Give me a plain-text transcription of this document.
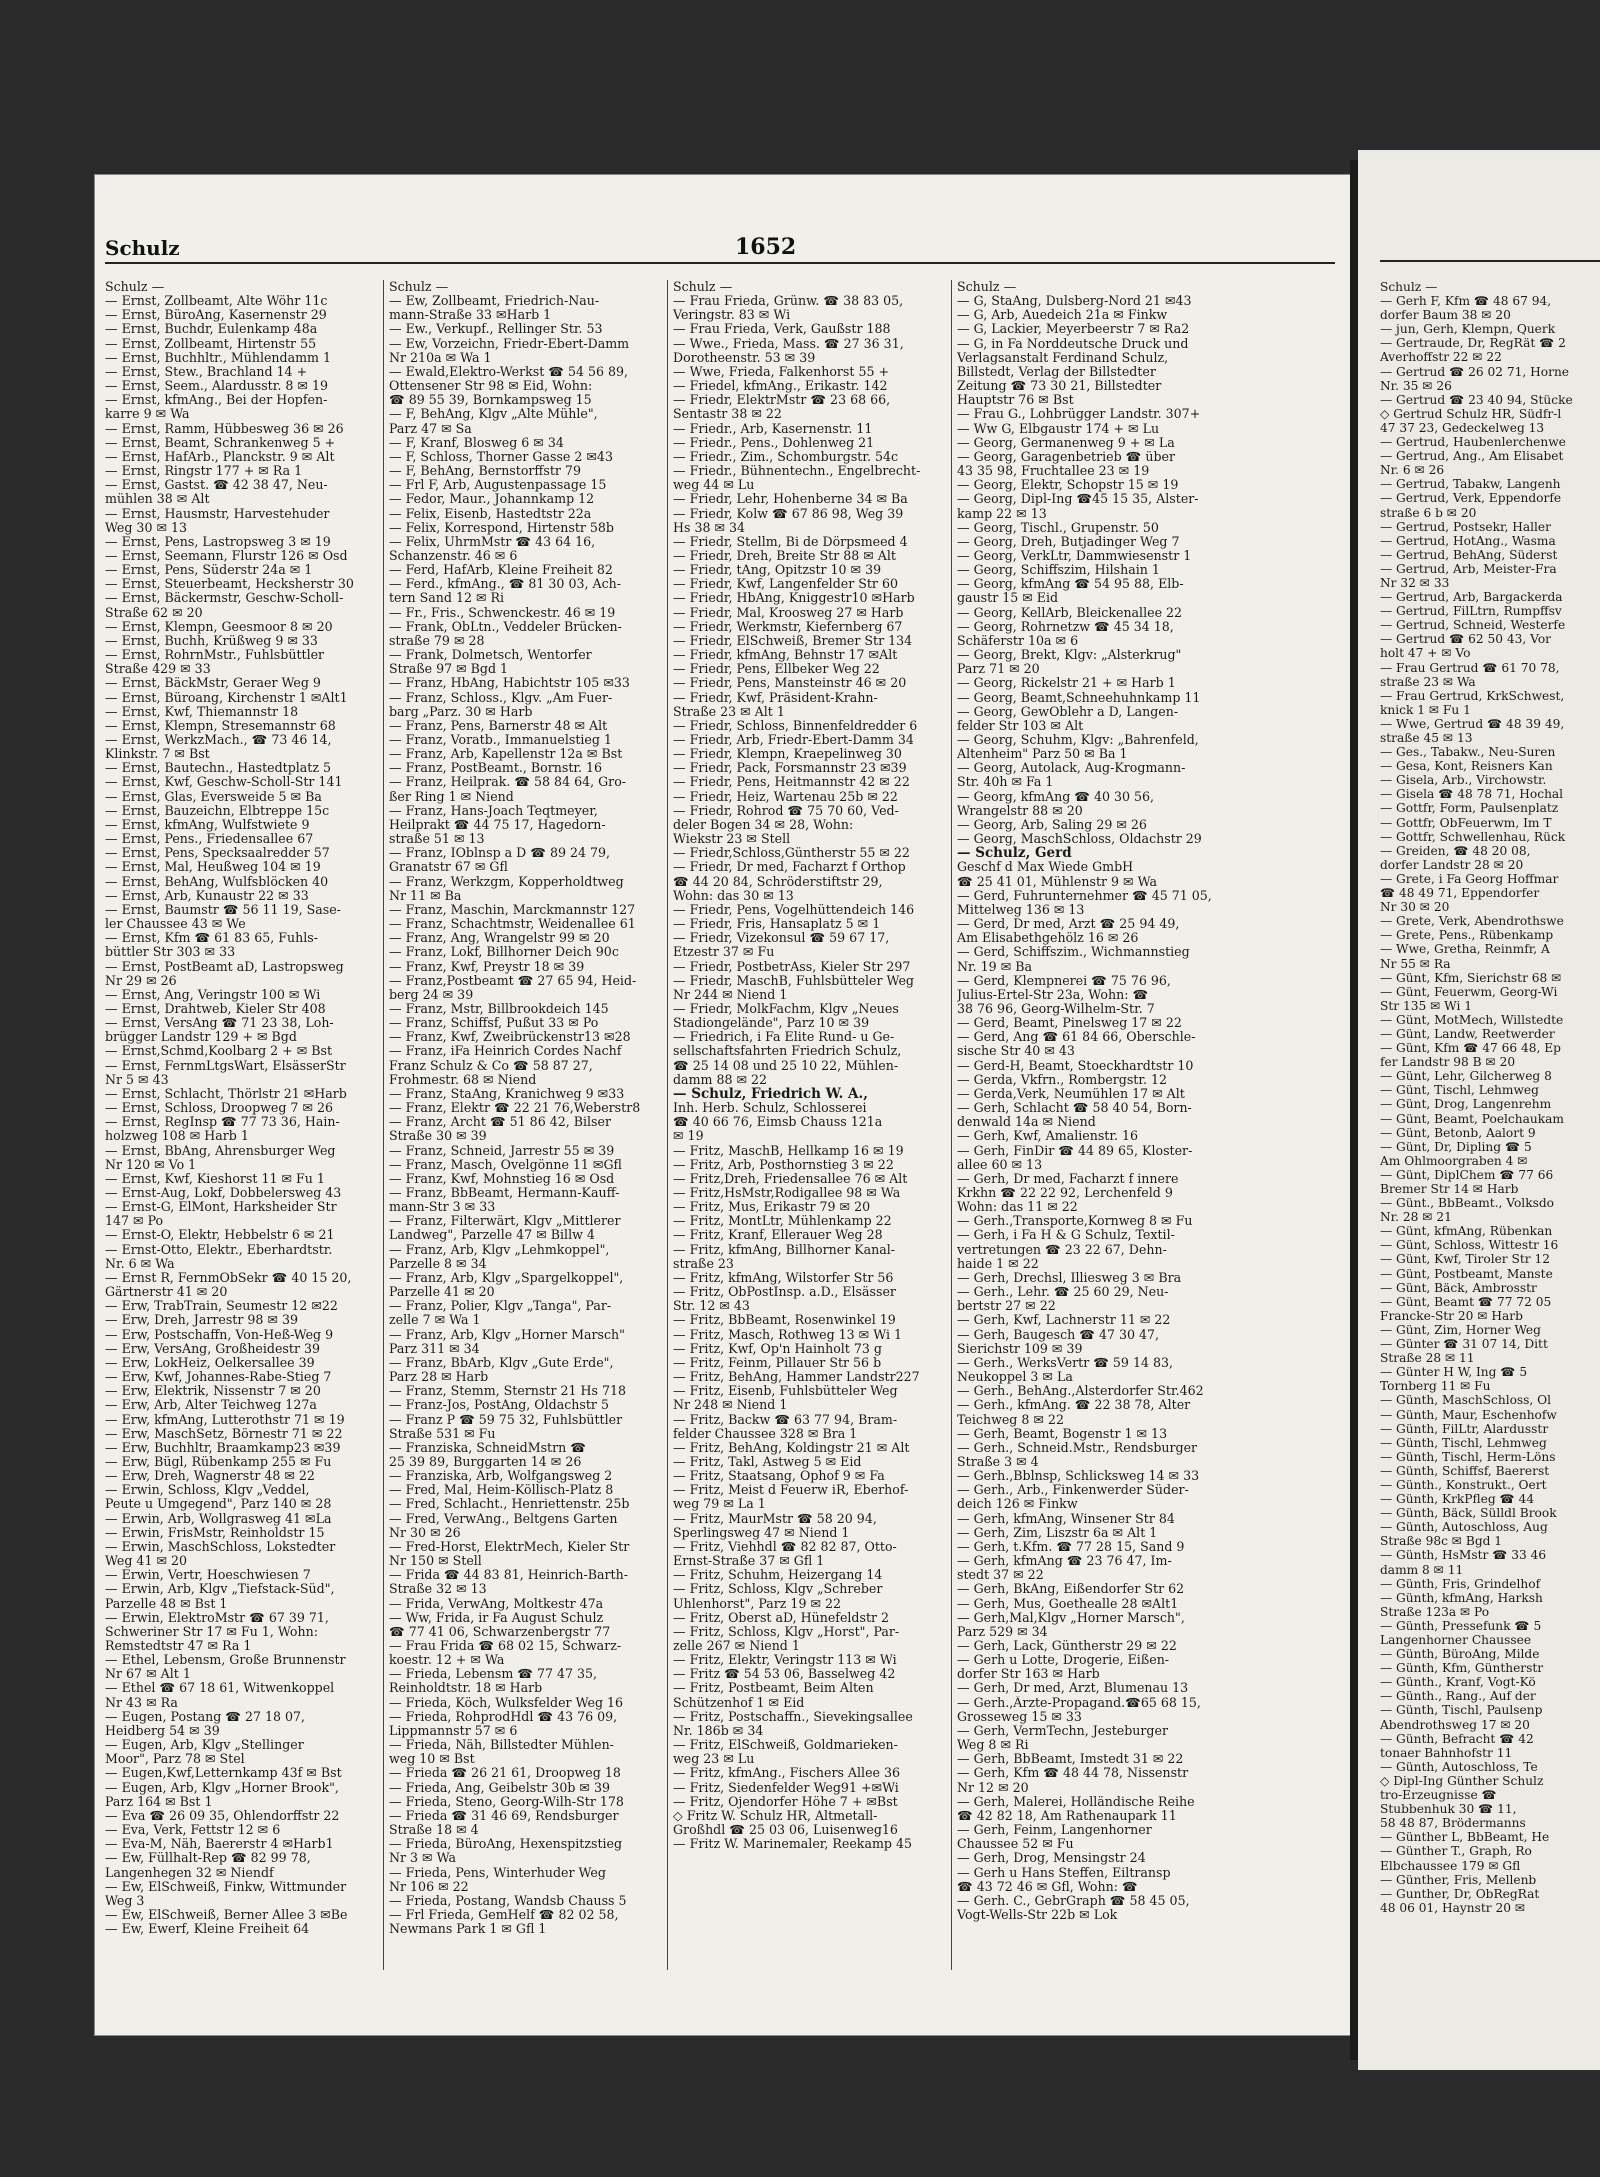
Schulz	1652
Schulz —
— Ernst, Zollbeamt, Alte Wöhr 11c
— Ernst, BüroAng, Kasernenstr 29
— Ernst, Buchdr, Eulenkamp 48a
— Ernst, Zollbeamt, Hirtenstr 55
— Ernst, Buchhltr., Mühlendamm 1
— Ernst, Stew., Brachland 14 +
— Ernst, Seem., Alardusstr. 8 ✉ 19
— Ernst, kfmAng., Bei der Hopfen-
karre 9 ✉ Wa
— Ernst, Ramm, Hübbesweg 36 ✉ 26
— Ernst, Beamt, Schrankenweg 5 +
— Ernst, HafArb., Planckstr. 9 ✉ Alt
— Ernst, Ringstr 177 + ✉ Ra 1
— Ernst, Gastst. ☎ 42 38 47, Neu-
mühlen 38 ✉ Alt
— Ernst, Hausmstr, Harvestehuder
Weg 30 ✉ 13
— Ernst, Pens, Lastropsweg 3 ✉ 19
— Ernst, Seemann, Flurstr 126 ✉ Osd
— Ernst, Pens, Süderstr 24a ✉ 1
— Ernst, Steuerbeamt, Hecksherstr 30
— Ernst, Bäckermstr, Geschw-Scholl-
Straße 62 ✉ 20
— Ernst, Klempn, Geesmoor 8 ✉ 20
— Ernst, Buchh, Krüßweg 9 ✉ 33
— Ernst, RohrnMstr., Fuhlsbüttler
Straße 429 ✉ 33
— Ernst, BäckMstr, Geraer Weg 9
— Ernst, Büroang, Kirchenstr 1 ✉Alt1
— Ernst, Kwf, Thiemannstr 18
— Ernst, Klempn, Stresemannstr 68
— Ernst, WerkzMach., ☎ 73 46 14,
Klinkstr. 7 ✉ Bst
— Ernst, Bautechn., Hastedtplatz 5
— Ernst, Kwf, Geschw-Scholl-Str 141
— Ernst, Glas, Eversweide 5 ✉ Ba
— Ernst, Bauzeichn, Elbtreppe 15c
— Ernst, kfmAng, Wulfstwiete 9
— Ernst, Pens., Friedensallee 67
— Ernst, Pens, Specksaalredder 57
— Ernst, Mal, Heußweg 104 ✉ 19
— Ernst, BehAng, Wulfsblöcken 40
— Ernst, Arb, Kunaustr 22 ✉ 33
— Ernst, Baumstr ☎ 56 11 19, Sase-
ler Chaussee 43 ✉ We
— Ernst, Kfm ☎ 61 83 65, Fuhls-
büttler Str 303 ✉ 33
— Ernst, PostBeamt aD, Lastropsweg
Nr 29 ✉ 26
— Ernst, Ang, Veringstr 100 ✉ Wi
— Ernst, Drahtweb, Kieler Str 408
— Ernst, VersAng ☎ 71 23 38, Loh-
brügger Landstr 129 + ✉ Bgd
— Ernst,Schmd,Koolbarg 2 + ✉ Bst
— Ernst, FernmLtgsWart, ElsässerStr
Nr 5 ✉ 43
— Ernst, Schlacht, Thörlstr 21 ✉Harb
— Ernst, Schloss, Droopweg 7 ✉ 26
— Ernst, RegInsp ☎ 77 73 36, Hain-
holzweg 108 ✉ Harb 1
— Ernst, BbAng, Ahrensburger Weg
Nr 120 ✉ Vo 1
— Ernst, Kwf, Kieshorst 11 ✉ Fu 1
— Ernst-Aug, Lokf, Dobbelersweg 43
— Ernst-G, ElMont, Harksheider Str
147 ✉ Po
— Ernst-O, Elektr, Hebbelstr 6 ✉ 21
— Ernst-Otto, Elektr., Eberhardtstr.
Nr. 6 ✉ Wa
— Ernst R, FernmObSekr ☎ 40 15 20,
Gärtnerstr 41 ✉ 20
— Erw, TrabTrain, Seumestr 12 ✉22
— Erw, Dreh, Jarrestr 98 ✉ 39
— Erw, Postschaffn, Von-Heß-Weg 9
— Erw, VersAng, Großheidestr 39
— Erw, LokHeiz, Oelkersallee 39
— Erw, Kwf, Johannes-Rabe-Stieg 7
— Erw, Elektrik, Nissenstr 7 ✉ 20
— Erw, Arb, Alter Teichweg 127a
— Erw, kfmAng, Lutterothstr 71 ✉ 19
— Erw, MaschSetz, Börnestr 71 ✉ 22
— Erw, Buchhltr, Braamkamp23 ✉39
— Erw, Bügl, Rübenkamp 255 ✉ Fu
— Erw, Dreh, Wagnerstr 48 ✉ 22
— Erwin, Schloss, Klgv „Veddel,
Peute u Umgegend", Parz 140 ✉ 28
— Erwin, Arb, Wollgrasweg 41 ✉La
— Erwin, FrisMstr, Reinholdstr 15
— Erwin, MaschSchloss, Lokstedter
Weg 41 ✉ 20
— Erwin, Vertr, Hoeschwiesen 7
— Erwin, Arb, Klgv „Tiefstack-Süd",
Parzelle 48 ✉ Bst 1
— Erwin, ElektroMstr ☎ 67 39 71,
Schweriner Str 17 ✉ Fu 1, Wohn:
Remstedtstr 47 ✉ Ra 1
— Ethel, Lebensm, Große Brunnenstr
Nr 67 ✉ Alt 1
— Ethel ☎ 67 18 61, Witwenkoppel
Nr 43 ✉ Ra
— Eugen, Postang ☎ 27 18 07,
Heidberg 54 ✉ 39
— Eugen, Arb, Klgv „Stellinger
Moor", Parz 78 ✉ Stel
— Eugen,Kwf,Letternkamp 43f ✉ Bst
— Eugen, Arb, Klgv „Horner Brook",
Parz 164 ✉ Bst 1
— Eva ☎ 26 09 35, Ohlendorffstr 22
— Eva, Verk, Fettstr 12 ✉ 6
— Eva-M, Näh, Baererstr 4 ✉Harb1
— Ew, Füllhalt-Rep ☎ 82 99 78,
Langenhegen 32 ✉ Niendf
— Ew, ElSchweiß, Finkw, Wittmunder
Weg 3
— Ew, ElSchweiß, Berner Allee 3 ✉Be
— Ew, Ewerf, Kleine Freiheit 64
Schulz —
— Ew, Zollbeamt, Friedrich-Nau-
mann-Straße 33 ✉Harb 1
— Ew., Verkupf., Rellinger Str. 53
— Ew, Vorzeichn, Friedr-Ebert-Damm
Nr 210a ✉ Wa 1
— Ewald,Elektro-Werkst ☎ 54 56 89,
Ottensener Str 98 ✉ Eid, Wohn:
☎ 89 55 39, Bornkampsweg 15
— F, BehAng, Klgv „Alte Mühle",
Parz 47 ✉ Sa
— F, Kranf, Blosweg 6 ✉ 34
— F, Schloss, Thorner Gasse 2 ✉43
— F, BehAng, Bernstorffstr 79
— Frl F, Arb, Augustenpassage 15
— Fedor, Maur., Johannkamp 12
— Felix, Eisenb, Hastedtstr 22a
— Felix, Korrespond, Hirtenstr 58b
— Felix, UhrmMstr ☎ 43 64 16,
Schanzenstr. 46 ✉ 6
— Ferd, HafArb, Kleine Freiheit 82
— Ferd., kfmAng., ☎ 81 30 03, Ach-
tern Sand 12 ✉ Ri
— Fr., Fris., Schwenckestr. 46 ✉ 19
— Frank, ObLtn., Veddeler Brücken-
straße 79 ✉ 28
— Frank, Dolmetsch, Wentorfer
Straße 97 ✉ Bgd 1
— Franz, HbAng, Habichtstr 105 ✉33
— Franz, Schloss., Klgv. „Am Fuer-
barg „Parz. 30 ✉ Harb
— Franz, Pens, Barnerstr 48 ✉ Alt
— Franz, Voratb., Immanuelstieg 1
— Franz, Arb, Kapellenstr 12a ✉ Bst
— Franz, PostBeamt., Bornstr. 16
— Franz, Heilprak. ☎ 58 84 64, Gro-
ßer Ring 1 ✉ Niend
— Franz, Hans-Joach Teqtmeyer,
Heilprakt ☎ 44 75 17, Hagedorn-
straße 51 ✉ 13
— Franz, IOblnsp a D ☎ 89 24 79,
Granatstr 67 ✉ Gfl
— Franz, Werkzgm, Kopperholdtweg
Nr 11 ✉ Ba
— Franz, Maschin, Marckmannstr 127
— Franz, Schachtmstr, Weidenallee 61
— Franz, Ang, Wrangelstr 99 ✉ 20
— Franz, Lokf, Billhorner Deich 90c
— Franz, Kwf, Preystr 18 ✉ 39
— Franz,Postbeamt ☎ 27 65 94, Heid-
berg 24 ✉ 39
— Franz, Mstr, Billbrookdeich 145
— Franz, Schiffsf, Pußut 33 ✉ Po
— Franz, Kwf, Zweibrückenstr13 ✉28
— Franz, iFa Heinrich Cordes Nachf
Franz Schulz & Co ☎ 58 87 27,
Frohmestr. 68 ✉ Niend
— Franz, StaAng, Kranichweg 9 ✉33
— Franz, Elektr ☎ 22 21 76,Weberstr8
— Franz, Archt ☎ 51 86 42, Bilser
Straße 30 ✉ 39
— Franz, Schneid, Jarrestr 55 ✉ 39
— Franz, Masch, Övelgönne 11 ✉Gfl
— Franz, Kwf, Mohnstieg 16 ✉ Osd
— Franz, BbBeamt, Hermann-Kauff-
mann-Str 3 ✉ 33
— Franz, Filterwärt, Klgv „Mittlerer
Landweg", Parzelle 47 ✉ Billw 4
— Franz, Arb, Klgv „Lehmkoppel",
Parzelle 8 ✉ 34
— Franz, Arb, Klgv „Spargelkoppel",
Parzelle 41 ✉ 20
— Franz, Polier, Klgv „Tanga", Par-
zelle 7 ✉ Wa 1
— Franz, Arb, Klgv „Horner Marsch"
Parz 311 ✉ 34
— Franz, BbArb, Klgv „Gute Erde",
Parz 28 ✉ Harb
— Franz, Stemm, Sternstr 21 Hs 718
— Franz-Jos, PostAng, Oldachstr 5
— Franz P ☎ 59 75 32, Fuhlsbüttler
Straße 531 ✉ Fu
— Franziska, SchneidMstrn ☎
25 39 89, Burggarten 14 ✉ 26
— Franziska, Arb, Wolfgangsweg 2
— Fred, Mal, Heim-Köllisch-Platz 8
— Fred, Schlacht., Henriettenstr. 25b
— Fred, VerwAng., Beltgens Garten
Nr 30 ✉ 26
— Fred-Horst, ElektrMech, Kieler Str
Nr 150 ✉ Stell
— Frida ☎ 44 83 81, Heinrich-Barth-
Straße 32 ✉ 13
— Frida, VerwAng, Moltkestr 47a
— Ww, Frida, ir Fa August Schulz
☎ 77 41 06, Schwarzenbergstr 77
— Frau Frida ☎ 68 02 15, Schwarz-
koestr. 12 + ✉ Wa
— Frieda, Lebensm ☎ 77 47 35,
Reinholdtstr. 18 ✉ Harb
— Frieda, Köch, Wulksfelder Weg 16
— Frieda, RohprodHdl ☎ 43 76 09,
Lippmannstr 57 ✉ 6
— Frieda, Näh, Billstedter Mühlen-
weg 10 ✉ Bst
— Frieda ☎ 26 21 61, Droopweg 18
— Frieda, Ang, Geibelstr 30b ✉ 39
— Frieda, Steno, Georg-Wilh-Str 178
— Frieda ☎ 31 46 69, Rendsburger
Straße 18 ✉ 4
— Frieda, BüroAng, Hexenspitzstieg
Nr 3 ✉ Wa
— Frieda, Pens, Winterhuder Weg
Nr 106 ✉ 22
— Frieda, Postang, Wandsb Chauss 5
— Frl Frieda, GemHelf ☎ 82 02 58,
Newmans Park 1 ✉ Gfl 1
Schulz —
— Frau Frieda, Grünw. ☎ 38 83 05,
Veringstr. 83 ✉ Wi
— Frau Frieda, Verk, Gaußstr 188
— Wwe., Frieda, Mass. ☎ 27 36 31,
Dorotheenstr. 53 ✉ 39
— Wwe, Frieda, Falkenhorst 55 +
— Friedel, kfmAng., Erikastr. 142
— Friedr, ElektrMstr ☎ 23 68 66,
Sentastr 38 ✉ 22
— Friedr., Arb, Kasernenstr. 11
— Friedr., Pens., Dohlenweg 21
— Friedr., Zim., Schomburgstr. 54c
— Friedr., Bühnentechn., Engelbrecht-
weg 44 ✉ Lu
— Friedr, Lehr, Hohenberne 34 ✉ Ba
— Friedr, Kolw ☎ 67 86 98, Weg 39
Hs 38 ✉ 34
— Friedr, Stellm, Bi de Dörpsmeed 4
— Friedr, Dreh, Breite Str 88 ✉ Alt
— Friedr, tAng, Opitzstr 10 ✉ 39
— Friedr, Kwf, Langenfelder Str 60
— Friedr, HbAng, Kniggestr10 ✉Harb
— Friedr, Mal, Kroosweg 27 ✉ Harb
— Friedr, Werkmstr, Kiefernberg 67
— Friedr, ElSchweiß, Bremer Str 134
— Friedr, kfmAng, Behnstr 17 ✉Alt
— Friedr, Pens, Ellbeker Weg 22
— Friedr, Pens, Mansteinstr 46 ✉ 20
— Friedr, Kwf, Präsident-Krahn-
Straße 23 ✉ Alt 1
— Friedr, Schloss, Binnenfeldredder 6
— Friedr, Arb, Friedr-Ebert-Damm 34
— Friedr, Klempn, Kraepelinweg 30
— Friedr, Pack, Forsmannstr 23 ✉39
— Friedr, Pens, Heitmannstr 42 ✉ 22
— Friedr, Heiz, Wartenau 25b ✉ 22
— Friedr, Rohrod ☎ 75 70 60, Ved-
deler Bogen 34 ✉ 28, Wohn:
Wiekstr 23 ✉ Stell
— Friedr,Schloss,Güntherstr 55 ✉ 22
— Friedr, Dr med, Facharzt f Orthop
☎ 44 20 84, Schröderstiftstr 29,
Wohn: das 30 ✉ 13
— Friedr, Pens, Vogelhüttendeich 146
— Friedr, Fris, Hansaplatz 5 ✉ 1
— Friedr, Vizekonsul ☎ 59 67 17,
Etzestr 37 ✉ Fu
— Friedr, PostbetrAss, Kieler Str 297
— Friedr, MaschB, Fuhlsbütteler Weg
Nr 244 ✉ Niend 1
— Friedr, MolkFachm, Klgv „Neues
Stadiongelände", Parz 10 ✉ 39
— Friedrich, i Fa Elite Rund- u Ge-
sellschaftsfahrten Friedrich Schulz,
☎ 25 14 08 und 25 10 22, Mühlen-
damm 88 ✉ 22
— Schulz, Friedrich W. A.,
Inh. Herb. Schulz, Schlosserei
☎ 40 66 76, Eimsb Chauss 121a
✉ 19
— Fritz, MaschB, Hellkamp 16 ✉ 19
— Fritz, Arb, Posthornstieg 3 ✉ 22
— Fritz,Dreh, Friedensallee 76 ✉ Alt
— Fritz,HsMstr,Rodigallee 98 ✉ Wa
— Fritz, Mus, Erikastr 79 ✉ 20
— Fritz, MontLtr, Mühlenkamp 22
— Fritz, Kranf, Ellerauer Weg 28
— Fritz, kfmAng, Billhorner Kanal-
straße 23
— Fritz, kfmAng, Wilstorfer Str 56
— Fritz, ObPostInsp. a.D., Elsässer
Str. 12 ✉ 43
— Fritz, BbBeamt, Rosenwinkel 19
— Fritz, Masch, Rothweg 13 ✉ Wi 1
— Fritz, Kwf, Op'n Hainholt 73 g
— Fritz, Feinm, Pillauer Str 56 b
— Fritz, BehAng, Hammer Landstr227
— Fritz, Eisenb, Fuhlsbütteler Weg
Nr 248 ✉ Niend 1
— Fritz, Backw ☎ 63 77 94, Bram-
felder Chaussee 328 ✉ Bra 1
— Fritz, BehAng, Koldingstr 21 ✉ Alt
— Fritz, Takl, Astweg 5 ✉ Eid
— Fritz, Staatsang, Ophof 9 ✉ Fa
— Fritz, Meist d Feuerw iR, Eberhof-
weg 79 ✉ La 1
— Fritz, MaurMstr ☎ 58 20 94,
Sperlingsweg 47 ✉ Niend 1
— Fritz, Viehhdl ☎ 82 82 87, Otto-
Ernst-Straße 37 ✉ Gfl 1
— Fritz, Schuhm, Heizergang 14
— Fritz, Schloss, Klgv „Schreber
Uhlenhorst", Parz 19 ✉ 22
— Fritz, Oberst aD, Hünefeldstr 2
— Fritz, Schloss, Klgv „Horst", Par-
zelle 267 ✉ Niend 1
— Fritz, Elektr, Veringstr 113 ✉ Wi
— Fritz ☎ 54 53 06, Basselweg 42
— Fritz, Postbeamt, Beim Alten
Schützenhof 1 ✉ Eid
— Fritz, Postschaffn., Sievekingsallee
Nr. 186b ✉ 34
— Fritz, ElSchweiß, Goldmarieken-
weg 23 ✉ Lu
— Fritz, kfmAng., Fischers Allee 36
— Fritz, Siedenfelder Weg91 +✉Wi
— Fritz, Ojendorfer Höhe 7 + ✉Bst
◇ Fritz W. Schulz HR, Altmetall-
Großhdl ☎ 25 03 06, Luisenweg16
— Fritz W. Marinemaler, Reekamp 45
Schulz —
— G, StaAng, Dulsberg-Nord 21 ✉43
— G, Arb, Auedeich 21a ✉ Finkw
— G, Lackier, Meyerbeerstr 7 ✉ Ra2
— G, in Fa Norddeutsche Druck und
Verlagsanstalt Ferdinand Schulz,
Billstedt, Verlag der Billstedter
Zeitung ☎ 73 30 21, Billstedter
Hauptstr 76 ✉ Bst
— Frau G., Lohbrügger Landstr. 307+
— Ww G, Elbgaustr 174 + ✉ Lu
— Georg, Germanenweg 9 + ✉ La
— Georg, Garagenbetrieb ☎ über
43 35 98, Fruchtallee 23 ✉ 19
— Georg, Elektr, Schopstr 15 ✉ 19
— Georg, Dipl-Ing ☎45 15 35, Alster-
kamp 22 ✉ 13
— Georg, Tischl., Grupenstr. 50
— Georg, Dreh, Butjadinger Weg 7
— Georg, VerkLtr, Dammwiesenstr 1
— Georg, Schiffszim, Hilshain 1
— Georg, kfmAng ☎ 54 95 88, Elb-
gaustr 15 ✉ Eid
— Georg, KellArb, Bleickenallee 22
— Georg, Rohrnetzw ☎ 45 34 18,
Schäferstr 10a ✉ 6
— Georg, Brekt, Klgv: „Alsterkrug"
Parz 71 ✉ 20
— Georg, Rickelstr 21 + ✉ Harb 1
— Georg, Beamt,Schneehuhnkamp 11
— Georg, GewOblehr a D, Langen-
felder Str 103 ✉ Alt
— Georg, Schuhm, Klgv: „Bahrenfeld,
Altenheim" Parz 50 ✉ Ba 1
— Georg, Autolack, Aug-Krogmann-
Str. 40h ✉ Fa 1
— Georg, kfmAng ☎ 40 30 56,
Wrangelstr 88 ✉ 20
— Georg, Arb, Saling 29 ✉ 26
— Georg, MaschSchloss, Oldachstr 29
— Schulz, Gerd
Geschf d Max Wiede GmbH
☎ 25 41 01, Mühlenstr 9 ✉ Wa
— Gerd, Fuhrunternehmer ☎ 45 71 05,
Mittelweg 136 ✉ 13
— Gerd, Dr med, Arzt ☎ 25 94 49,
Am Elisabethgehölz 16 ✉ 26
— Gerd, Schiffszim., Wichmannstieg
Nr. 19 ✉ Ba
— Gerd, Klempnerei ☎ 75 76 96,
Julius-Ertel-Str 23a, Wohn: ☎
38 76 96, Georg-Wilhelm-Str. 7
— Gerd, Beamt, Pinelsweg 17 ✉ 22
— Gerd, Ang ☎ 61 84 66, Oberschle-
sische Str 40 ✉ 43
— Gerd-H, Beamt, Stoeckhardtstr 10
— Gerda, Vkfrn., Rombergstr. 12
— Gerda,Verk, Neumühlen 17 ✉ Alt
— Gerh, Schlacht ☎ 58 40 54, Born-
denwald 14a ✉ Niend
— Gerh, Kwf, Amalienstr. 16
— Gerh, FinDir ☎ 44 89 65, Kloster-
allee 60 ✉ 13
— Gerh, Dr med, Facharzt f innere
Krkhn ☎ 22 22 92, Lerchenfeld 9
Wohn: das 11 ✉ 22
— Gerh.,Transporte,Kornweg 8 ✉ Fu
— Gerh, i Fa H & G Schulz, Textil-
vertretungen ☎ 23 22 67, Dehn-
haide 1 ✉ 22
— Gerh, Drechsl, Illiesweg 3 ✉ Bra
— Gerh., Lehr. ☎ 25 60 29, Neu-
bertstr 27 ✉ 22
— Gerh, Kwf, Lachnerstr 11 ✉ 22
— Gerh, Baugesch ☎ 47 30 47,
Sierichstr 109 ✉ 39
— Gerh., WerksVertr ☎ 59 14 83,
Neukoppel 3 ✉ La
— Gerh., BehAng.,Alsterdorfer Str.462
— Gerh., kfmAng. ☎ 22 38 78, Alter
Teichweg 8 ✉ 22
— Gerh, Beamt, Bogenstr 1 ✉ 13
— Gerh., Schneid.Mstr., Rendsburger
Straße 3 ✉ 4
— Gerh.,Bblnsp, Schlicksweg 14 ✉ 33
— Gerh., Arb., Finkenwerder Süder-
deich 126 ✉ Finkw
— Gerh, kfmAng, Winsener Str 84
— Gerh, Zim, Liszstr 6a ✉ Alt 1
— Gerh, t.Kfm. ☎ 77 28 15, Sand 9
— Gerh, kfmAng ☎ 23 76 47, Im-
stedt 37 ✉ 22
— Gerh, BkAng, Eißendorfer Str 62
— Gerh, Mus, Goethealle 28 ✉Alt1
— Gerh,Mal,Klgv „Horner Marsch",
Parz 529 ✉ 34
— Gerh, Lack, Güntherstr 29 ✉ 22
— Gerh u Lotte, Drogerie, Eißen-
dorfer Str 163 ✉ Harb
— Gerh, Dr med, Arzt, Blumenau 13
— Gerh.,Ärzte-Propagand.☎65 68 15,
Grosseweg 15 ✉ 33
— Gerh, VermTechn, Jesteburger
Weg 8 ✉ Ri
— Gerh, BbBeamt, Imstedt 31 ✉ 22
— Gerh, Kfm ☎ 48 44 78, Nissenstr
Nr 12 ✉ 20
— Gerh, Malerei, Holländische Reihe
☎ 42 82 18, Am Rathenaupark 11
— Gerh, Feinm, Langenhorner
Chaussee 52 ✉ Fu
— Gerh, Drog, Mensingstr 24
— Gerh u Hans Steffen, Eiltransp
☎ 43 72 46 ✉ Gfl, Wohn: ☎
— Gerh. C., GebrGraph ☎ 58 45 05,
Vogt-Wells-Str 22b ✉ Lok
Schulz —
— Gerh F, Kfm ☎ 48 67 94,
dorfer Baum 38 ✉ 20
— jun, Gerh, Klempn, Querk
— Gertraude, Dr, RegRät ☎ 2
Averhoffstr 22 ✉ 22
— Gertrud ☎ 26 02 71, Horne
Nr. 35 ✉ 26
— Gertrud ☎ 23 40 94, Stücke
◇ Gertrud Schulz HR, Südfr-l
47 37 23, Gedeckelweg 13
— Gertrud, Haubenlerchenwe
— Gertrud, Ang., Am Elisabet
Nr. 6 ✉ 26
— Gertrud, Tabakw, Langenh
— Gertrud, Verk, Eppendorfe
straße 6 b ✉ 20
— Gertrud, Postsekr, Haller
— Gertrud, HotAng., Wasma
— Gertrud, BehAng, Süderst
— Gertrud, Arb, Meister-Fra
Nr 32 ✉ 33
— Gertrud, Arb, Bargackerda
— Gertrud, FilLtrn, Rumpffsv
— Gertrud, Schneid, Westerfe
— Gertrud ☎ 62 50 43, Vor
holt 47 + ✉ Vo
— Frau Gertrud ☎ 61 70 78,
straße 23 ✉ Wa
— Frau Gertrud, KrkSchwest,
knick 1 ✉ Fu 1
— Wwe, Gertrud ☎ 48 39 49,
straße 45 ✉ 13
— Ges., Tabakw., Neu-Suren
— Gesa, Kont, Reisners Kan
— Gisela, Arb., Virchowstr.
— Gisela ☎ 48 78 71, Hochal
— Gottfr, Form, Paulsenplatz
— Gottfr, ObFeuerwm, Im T
— Gottfr, Schwellenhau, Rück
— Greiden, ☎ 48 20 08,
dorfer Landstr 28 ✉ 20
— Grete, i Fa Georg Hoffmar
☎ 48 49 71, Eppendorfer
Nr 30 ✉ 20
— Grete, Verk, Abendrothswe
— Grete, Pens., Rübenkamp
— Wwe, Gretha, Reinmfr, A
Nr 55 ✉ Ra
— Günt, Kfm, Sierichstr 68 ✉
— Günt, Feuerwm, Georg-Wi
Str 135 ✉ Wi 1
— Günt, MotMech, Willstedte
— Günt, Landw, Reetwerder
— Günt, Kfm ☎ 47 66 48, Ep
fer Landstr 98 B ✉ 20
— Günt, Lehr, Gilcherweg 8
— Günt, Tischl, Lehmweg
— Günt, Drog, Langenrehm
— Günt, Beamt, Poelchaukam
— Günt, Betonb, Aalort 9
— Günt, Dr, Dipling ☎ 5
Am Ohlmoorgraben 4 ✉
— Günt, DiplChem ☎ 77 66
Bremer Str 14 ✉ Harb
— Günt., BbBeamt., Volksdo
Nr. 28 ✉ 21
— Günt, kfmAng, Rübenkan
— Günt, Schloss, Wittestr 16
— Günt, Kwf, Tiroler Str 12
— Günt, Postbeamt, Manste
— Günt, Bäck, Ambrosstr
— Günt, Beamt ☎ 77 72 05
Francke-Str 20 ✉ Harb
— Günt, Zim, Horner Weg
— Günter ☎ 31 07 14, Ditt
Straße 28 ✉ 11
— Günter H W, Ing ☎ 5
Tornberg 11 ✉ Fu
— Günth, MaschSchloss, Ol
— Günth, Maur, Eschenhofw
— Günth, FilLtr, Alardusstr
— Günth, Tischl, Lehmweg
— Günth, Tischl, Herm-Löns
— Günth, Schiffsf, Baererst
— Günth., Konstrukt., Oert
— Günth, KrkPfleg ☎ 44
— Günth, Bäck, Sülldl Brook
— Günth, Autoschloss, Aug
Straße 98c ✉ Bgd 1
— Günth, HsMstr ☎ 33 46
damm 8 ✉ 11
— Günth, Fris, Grindelhof
— Günth, kfmAng, Harksh
Straße 123a ✉ Po
— Günth, Pressefunk ☎ 5
Langenhorner Chaussee
— Günth, BüroAng, Milde
— Günth, Kfm, Güntherstr
— Günth., Kranf, Vogt-Kö
— Günth., Rang., Auf der
— Günth, Tischl, Paulsenp
Abendrothsweg 17 ✉ 20
— Günth, Befracht ☎ 42
tonaer Bahnhofstr 11
— Günth, Autoschloss, Te
◇ Dipl-Ing Günther Schulz
tro-Erzeugnisse ☎
Stubbenhuk 30 ☎ 11,
58 48 87, Brödermanns
— Günther L, BbBeamt, He
— Günther T., Graph, Ro
Elbchaussee 179 ✉ Gfl
— Günther, Fris, Mellenb
— Gunther, Dr, ObRegRat
48 06 01, Haynstr 20 ✉
